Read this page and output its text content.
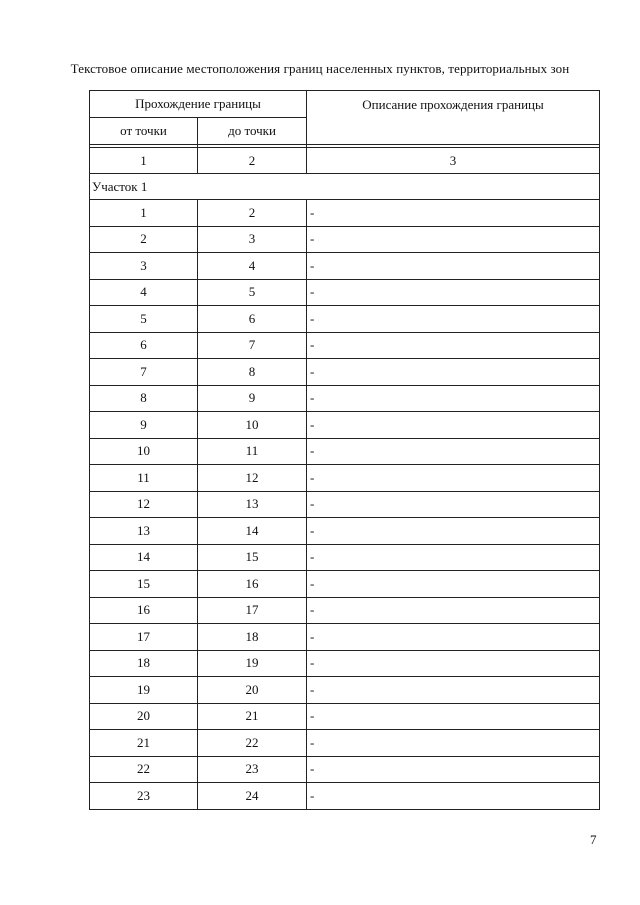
Текстовое описание местоположения границ населенных пунктов, территориальных зон
Прохождение границы		Описание прохождения границы
от точки	до точки	

1	2	3
Участок 1		
1	2	-
2	3	-
3	4	-
4	5	-
5	6	-
6	7	-
7	8	-
8	9	-
9	10	-
10	11	-
11	12	-
12	13	-
13	14	-
14	15	-
15	16	-
16	17	-
17	18	-
18	19	-
19	20	-
20	21	-
21	22	-
22	23	-
23	24	-
7
